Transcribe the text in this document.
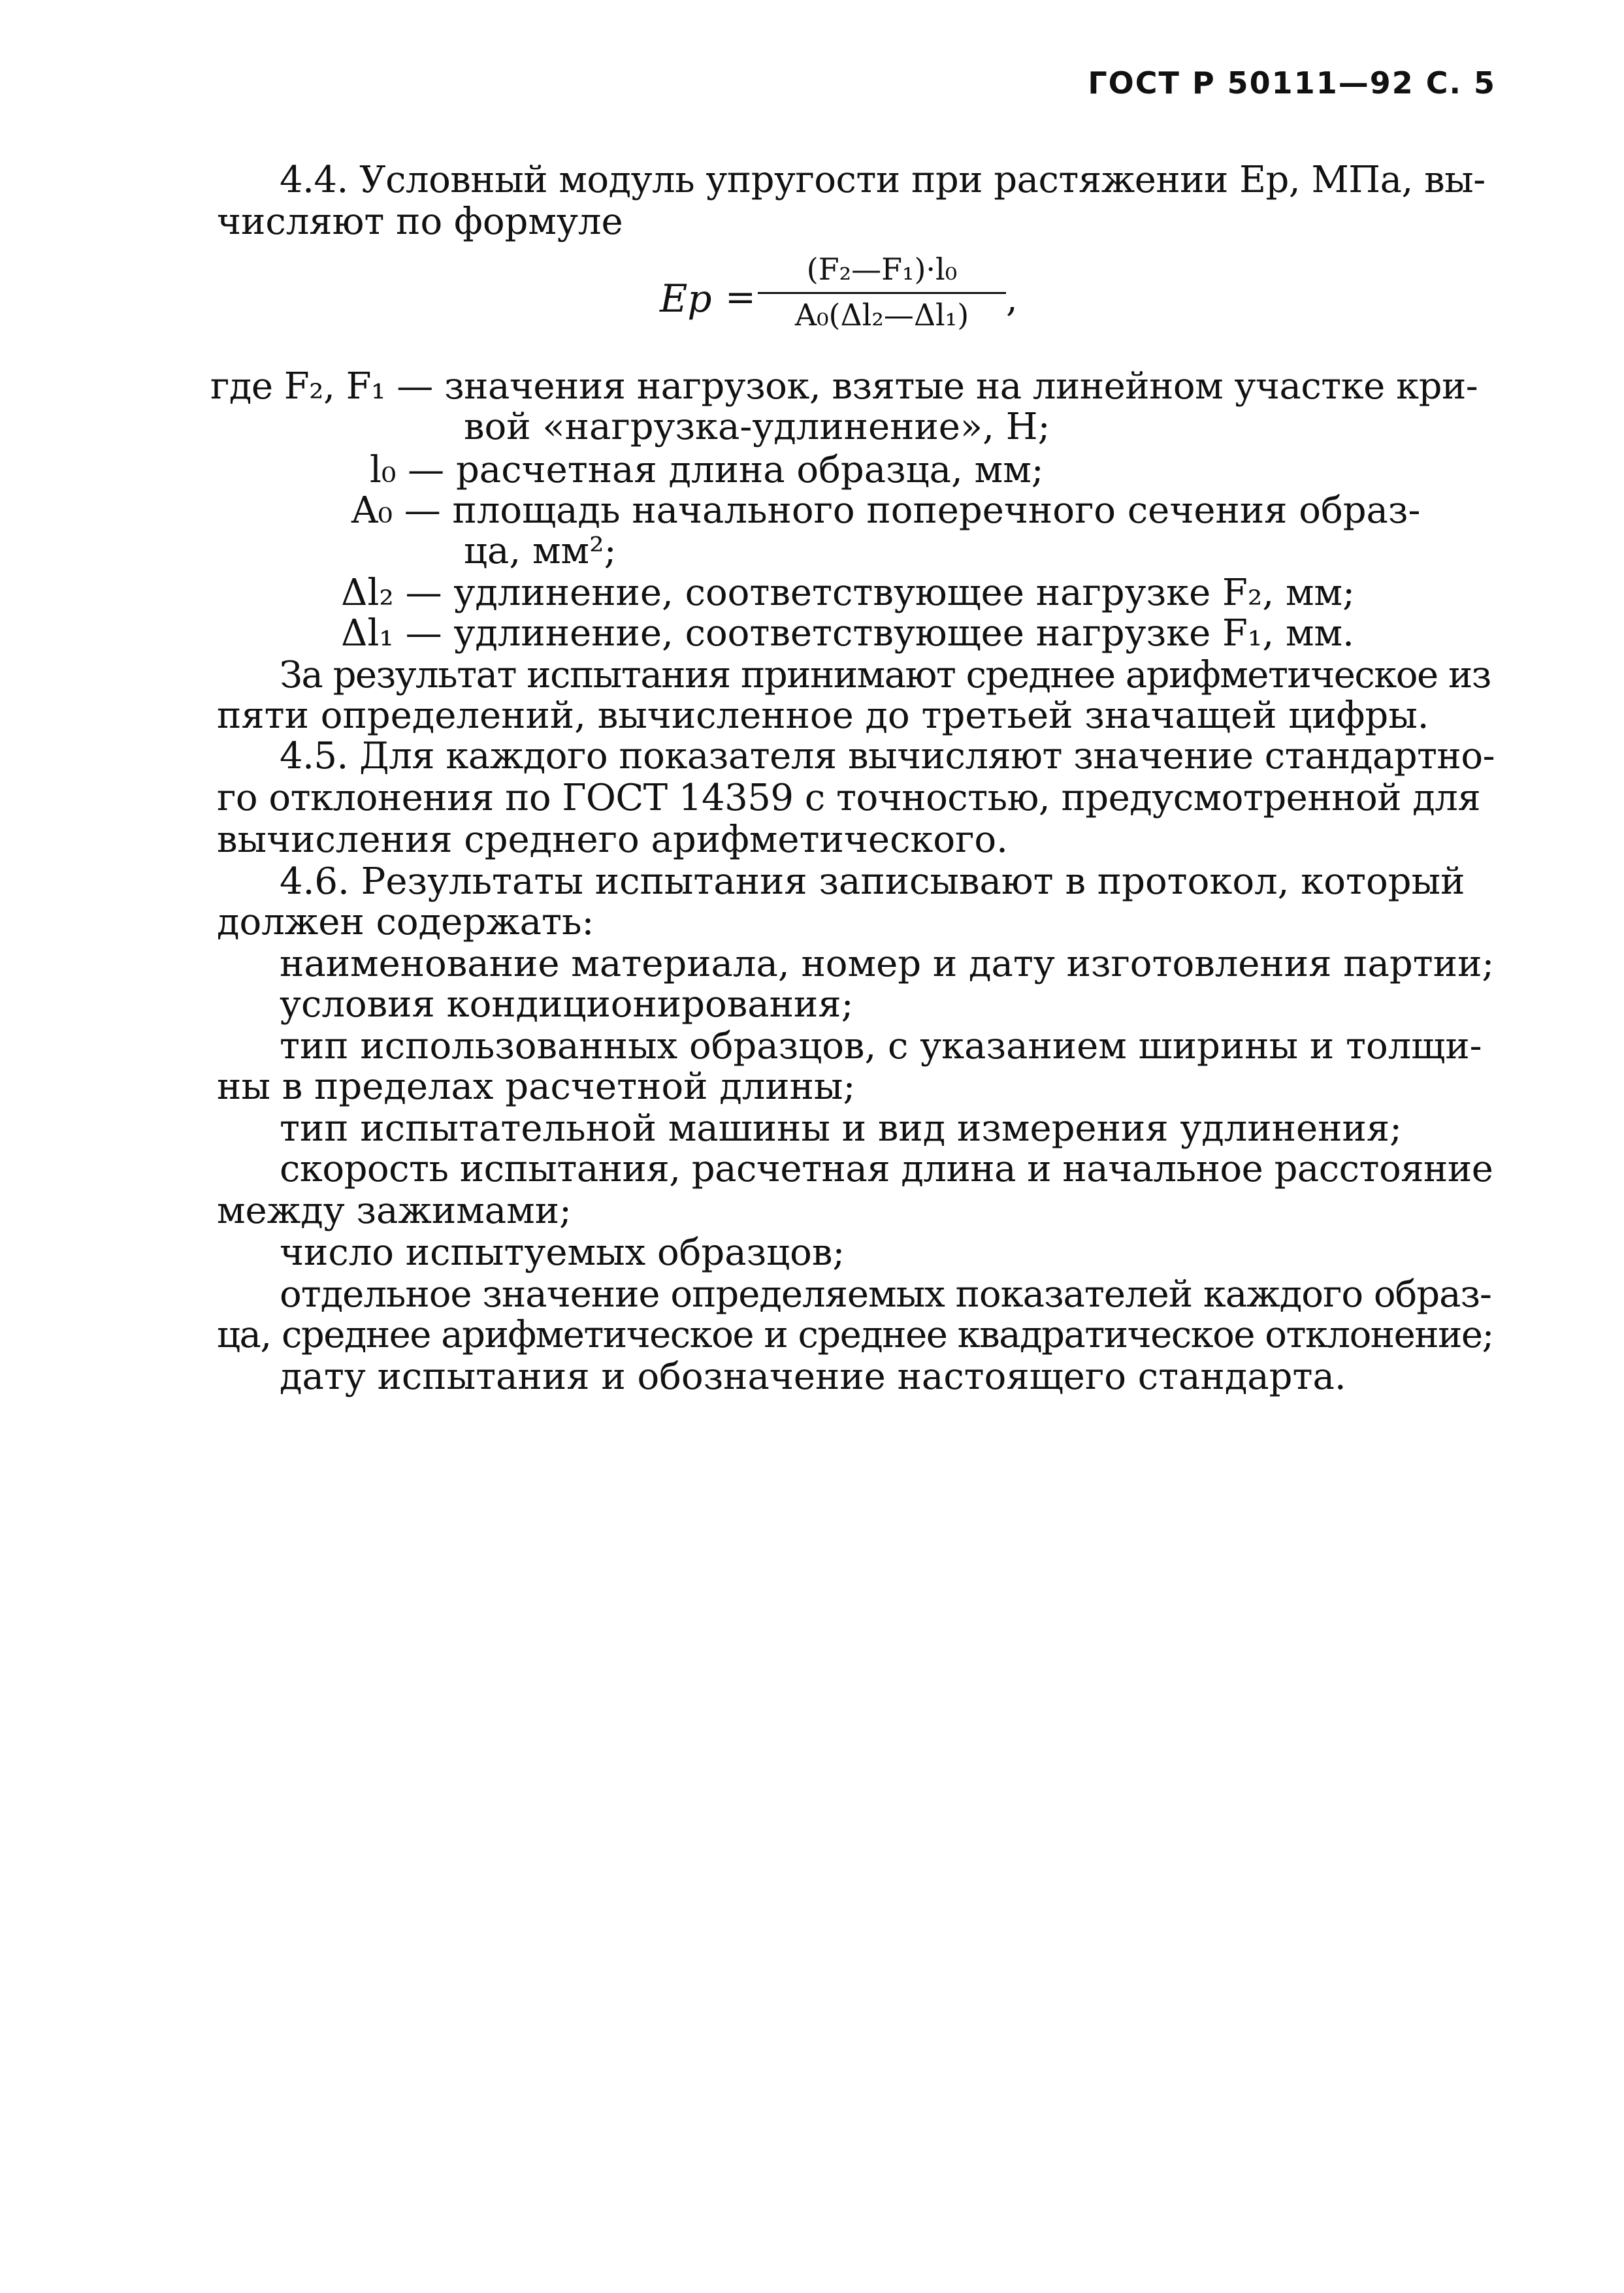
ГОСТ Р 50111—92 С. 5
Ep =
(F₂—F₁)·l₀
A₀(Δl₂—Δl₁)	,
4.4. Условный модуль упругости при растяжении Eр, МПа, вы-
числяют по формуле
где F₂, F₁ — значения нагрузок, взятые на линейном участке кри-
вой «нагрузка-удлинение», Н;
l₀ — расчетная длина образца, мм;
A₀ — площадь начального поперечного сечения образ-
ца, мм²;
Δl₂ — удлинение, соответствующее нагрузке F₂, мм;
Δl₁ — удлинение, соответствующее нагрузке F₁, мм.
За результат испытания принимают среднее арифметическое из
пяти определений, вычисленное до третьей значащей цифры.
4.5. Для каждого показателя вычисляют значение стандартно-
го отклонения по ГОСТ 14359 с точностью, предусмотренной для
вычисления среднего арифметического.
4.6. Результаты испытания записывают в протокол, который
должен содержать:
наименование материала, номер и дату изготовления партии;
условия кондиционирования;
тип использованных образцов, с указанием ширины и толщи-
ны в пределах расчетной длины;
тип испытательной машины и вид измерения удлинения;
скорость испытания, расчетная длина и начальное расстояние
между зажимами;
число испытуемых образцов;
отдельное значение определяемых показателей каждого образ-
ца, среднее арифметическое и среднее квадратическое отклонение;
дату испытания и обозначение настоящего стандарта.
